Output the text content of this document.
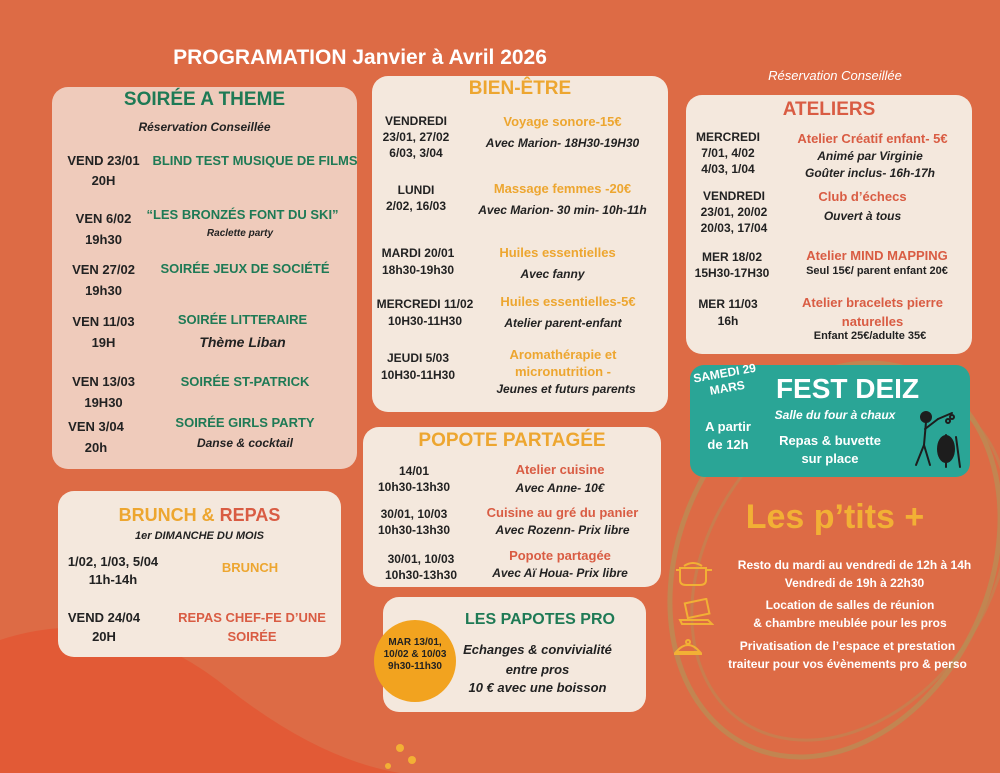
PROGRAMATION Janvier à Avril 2026
Réservation Conseillée
SOIRÉE A THEME
Réservation Conseillée
VEND 23/01
20H
BLIND TEST MUSIQUE DE FILMS
VEN 6/02
19h30
“LES BRONZÉS FONT DU SKI”
Raclette party
VEN 27/02
19h30
SOIRÉE JEUX DE SOCIÉTÉ
VEN 11/03
19H
SOIRÉE LITTERAIRE
Thème Liban
VEN 13/03
19H30
SOIRÉE ST-PATRICK
VEN 3/04
20h
SOIRÉE GIRLS PARTY
Danse & cocktail
BRUNCH & REPAS
1er DIMANCHE DU MOIS
1/02, 1/03, 5/04
11h-14h
BRUNCH
VEND 24/04
20H
REPAS CHEF-FE D’UNE SOIRÉE
BIEN-ÊTRE
VENDREDI
23/01, 27/02
6/03, 3/04
Voyage sonore-15€
Avec Marion- 18H30-19H30
LUNDI
2/02, 16/03
Massage femmes -20€
Avec Marion- 30 min- 10h-11h
MARDI 20/01
18h30-19h30
Huiles essentielles
Avec fanny
MERCREDI 11/02
10H30-11H30
Huiles essentielles-5€
Atelier parent-enfant
JEUDI 5/03
10H30-11H30
Aromathérapie et
micronutrition -
Jeunes et futurs parents
POPOTE PARTAGÉE
14/01
10h30-13h30
Atelier cuisine
Avec Anne- 10€
30/01, 10/03
10h30-13h30
Cuisine au gré du panier
Avec Rozenn- Prix libre
30/01, 10/03
10h30-13h30
Popote partagée
Avec Aï Houa- Prix libre
LES PAPOTES PRO
MAR 13/01,
10/02 & 10/03
9h30-11h30
Echanges & convivialité
entre pros
10 € avec une boisson
ATELIERS
MERCREDI
7/01, 4/02
4/03, 1/04
Atelier Créatif enfant- 5€
Animé par Virginie
Goûter inclus- 16h-17h
VENDREDI
23/01, 20/02
20/03, 17/04
Club d’échecs
Ouvert à tous
MER 18/02
15H30-17H30
Atelier MIND MAPPING
Seul 15€/ parent enfant 20€
MER 11/03
16h
Atelier bracelets pierre
naturelles
Enfant 25€/adulte 35€
SAMEDI 29
MARS	FEST DEIZ
Salle du four à chaux
A partir
de 12h	Repas & buvette
sur place
Les p’tits +
Resto du mardi au vendredi de 12h à 14h
Vendredi de 19h à 22h30
Location de salles de réunion
& chambre meublée pour les pros
Privatisation de l’espace et prestation
traiteur pour vos évènements pro & perso
